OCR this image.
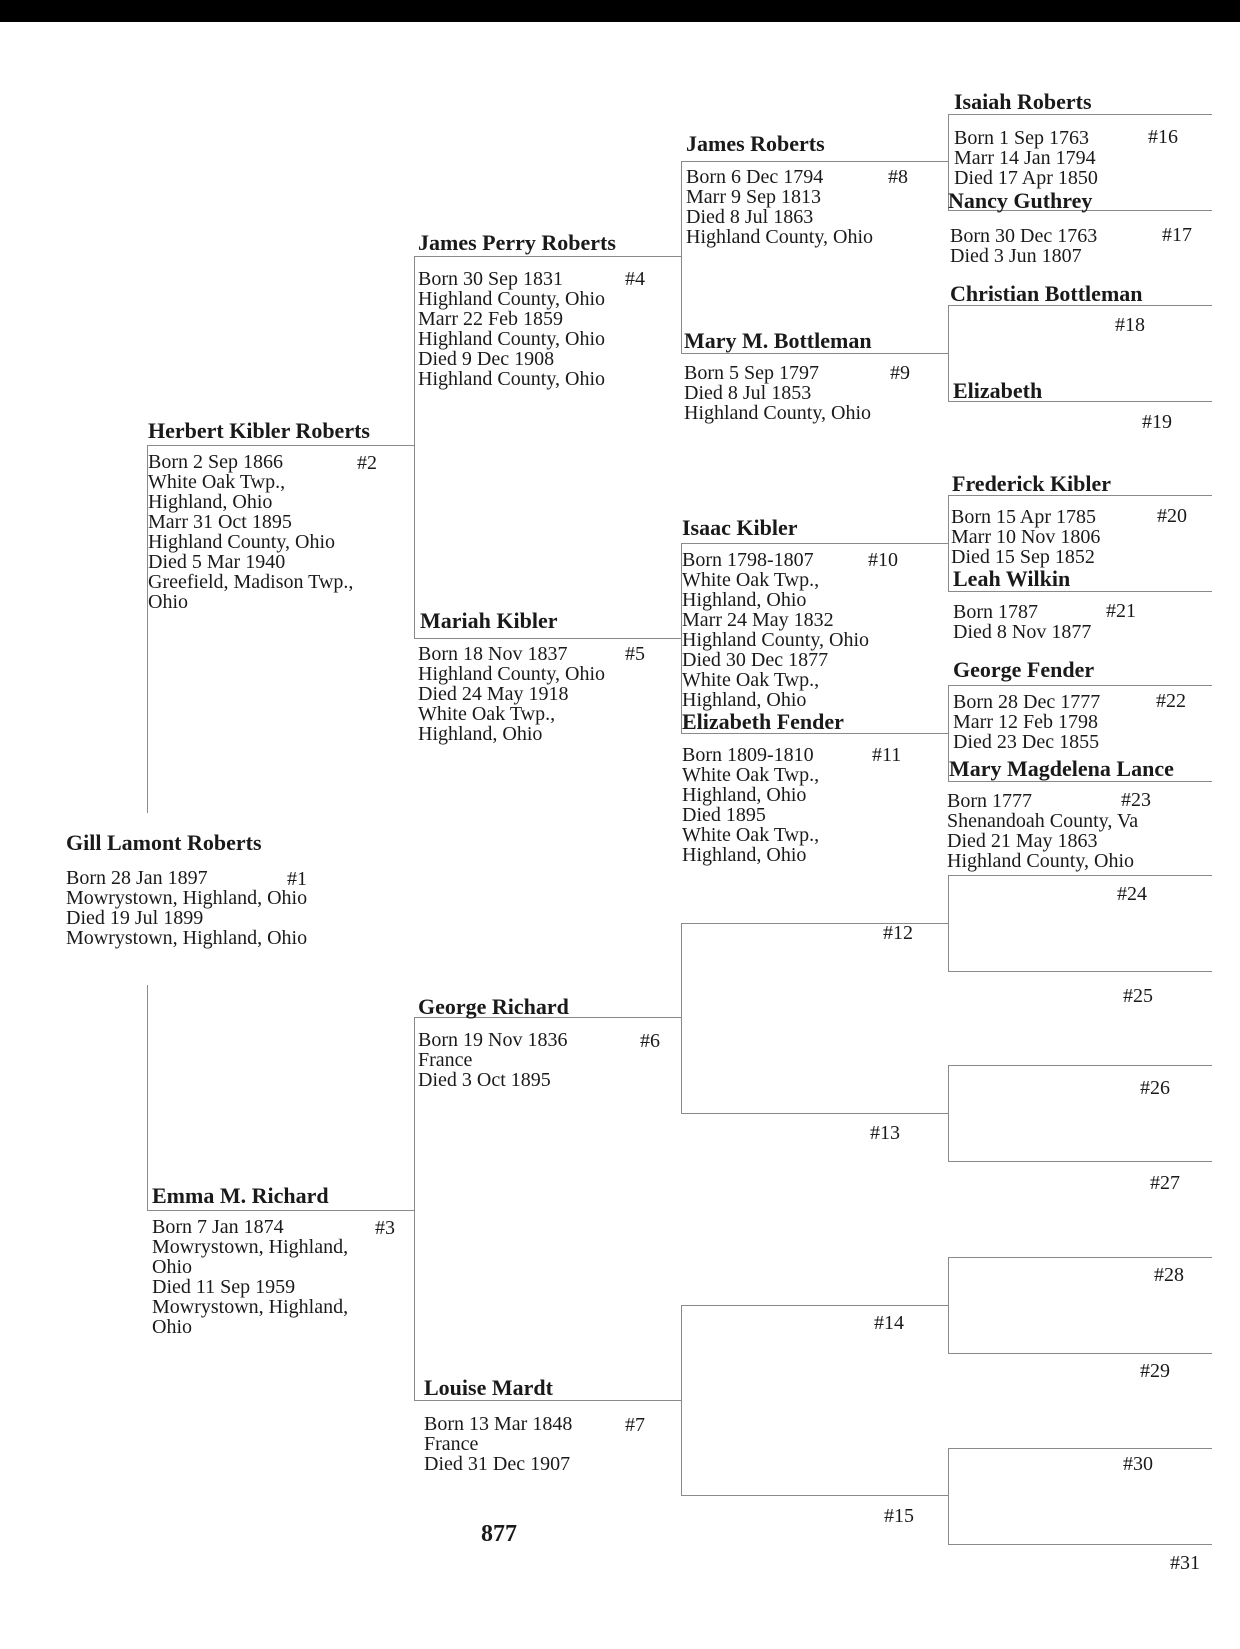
Gill Lamont Roberts
#1
Born 28 Jan 1897
Mowrystown, Highland, Ohio
Died 19 Jul 1899
Mowrystown, Highland, Ohio
Herbert Kibler Roberts
#2
Born 2 Sep 1866
White Oak Twp.,
Highland, Ohio
Marr 31 Oct 1895
Highland County, Ohio
Died 5 Mar 1940
Greefield, Madison Twp.,
Ohio
Emma M. Richard
#3
Born 7 Jan 1874
Mowrystown, Highland,
Ohio
Died 11 Sep 1959
Mowrystown, Highland,
Ohio
James Perry Roberts
#4
Born 30 Sep 1831
Highland County, Ohio
Marr 22 Feb 1859
Highland County, Ohio
Died 9 Dec 1908
Highland County, Ohio
Mariah Kibler
#5
Born 18 Nov 1837
Highland County, Ohio
Died 24 May 1918
White Oak Twp.,
Highland, Ohio
George Richard
#6
Born 19 Nov 1836
France
Died 3 Oct 1895
Louise Mardt
#7
Born 13 Mar 1848
France
Died 31 Dec 1907
James Roberts
#8
Born 6 Dec 1794
Marr 9 Sep 1813
Died 8 Jul 1863
Highland County, Ohio
Mary M. Bottleman
#9
Born 5 Sep 1797
Died 8 Jul 1853
Highland County, Ohio
Isaac Kibler
#10
Born 1798-1807
White Oak Twp.,
Highland, Ohio
Marr 24 May 1832
Highland County, Ohio
Died 30 Dec 1877
White Oak Twp.,
Highland, Ohio
Elizabeth Fender
#11
Born 1809-1810
White Oak Twp.,
Highland, Ohio
Died 1895
White Oak Twp.,
Highland, Ohio
Isaiah Roberts
#16
Born 1 Sep 1763
Marr 14 Jan 1794
Died 17 Apr 1850
Nancy Guthrey
#17
Born 30 Dec 1763
Died 3 Jun 1807
Christian Bottleman
#18
Elizabeth
#19
Frederick Kibler
#20
Born 15 Apr 1785
Marr 10 Nov 1806
Died 15 Sep 1852
Leah Wilkin
#21
Born 1787
Died 8 Nov 1877
George Fender
#22
Born 28 Dec 1777
Marr 12 Feb 1798
Died 23 Dec 1855
Mary Magdelena Lance
#23
Born 1777
Shenandoah County, Va
Died 21 May 1863
Highland County, Ohio
#12
#13
#14
#15
#24
#25
#26
#27
#28
#29
#30
#31
877
